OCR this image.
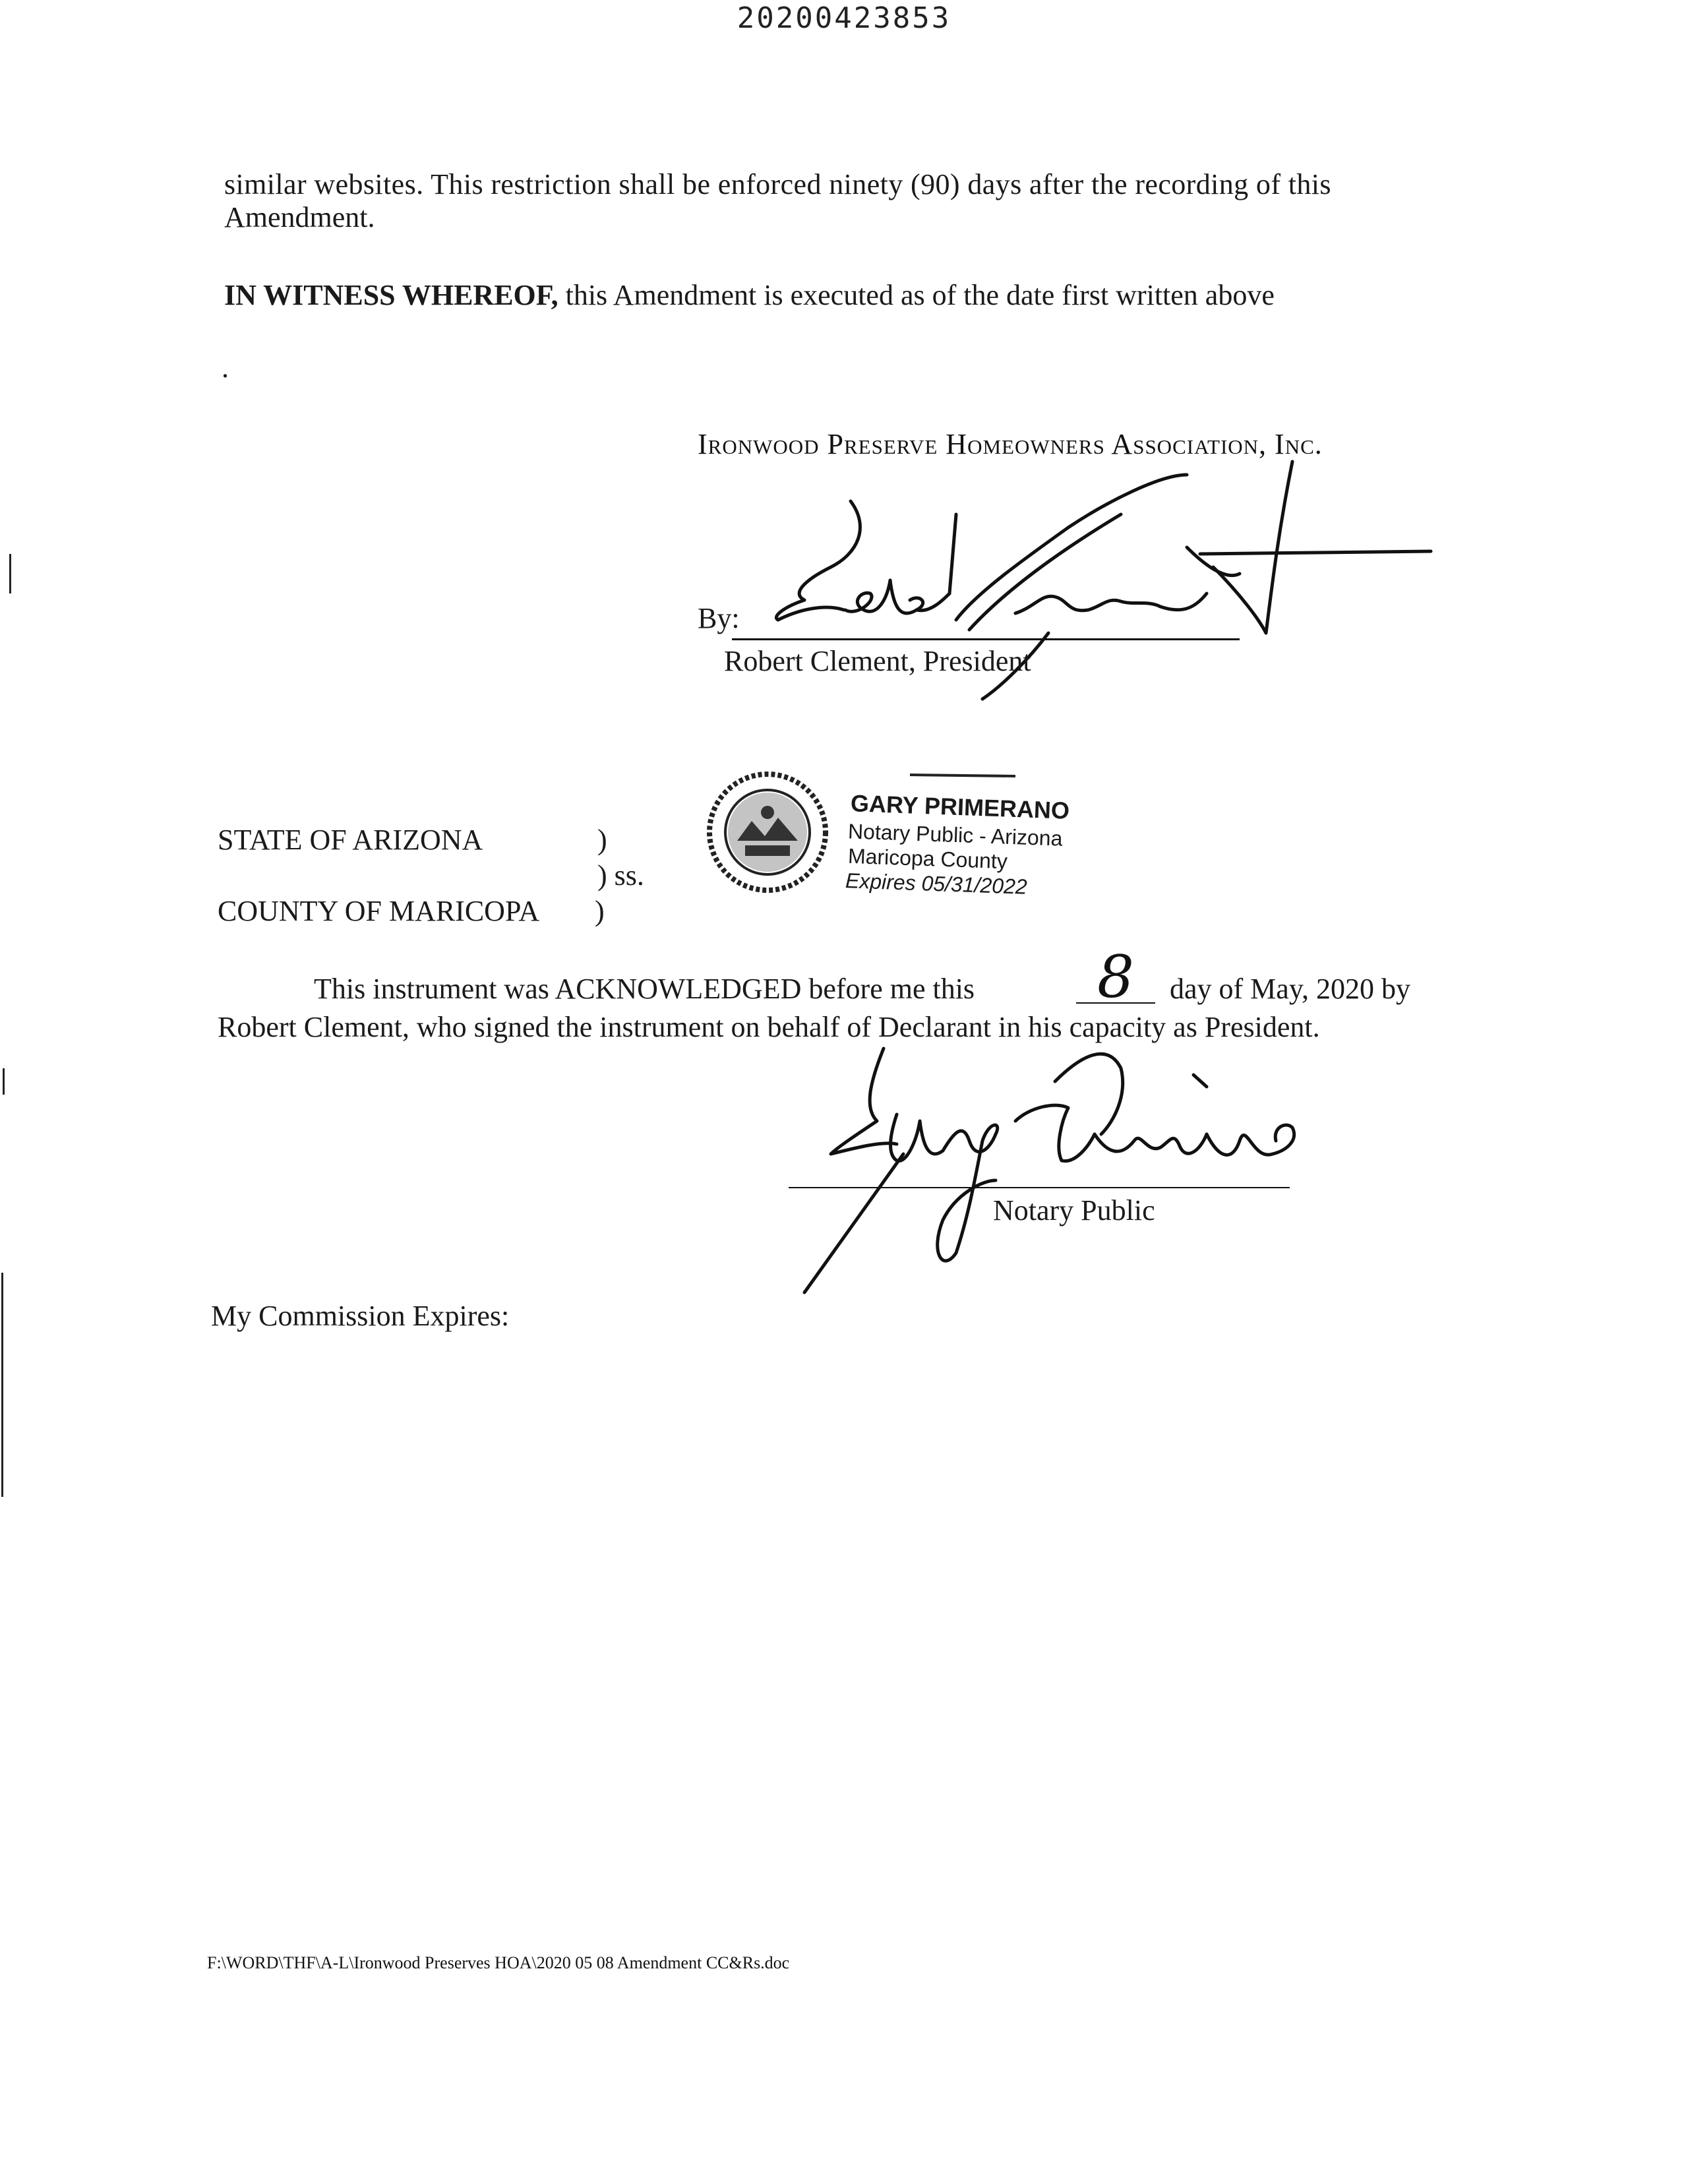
20200423853
similar websites. This restriction shall be enforced ninety (90) days after the recording of this
Amendment.
IN WITNESS WHEREOF, this Amendment is executed as of the date first written above
.
Ironwood Preserve Homeowners Association, Inc.
By:
Robert Clement, President
GARY PRIMERANO
Notary Public - Arizona
Maricopa County
Expires 05/31/2022
STATE OF ARIZONA	)
) ss.
COUNTY OF MARICOPA )
This instrument was ACKNOWLEDGED before me this 8 day of May, 2020 by
Robert Clement, who signed the instrument on behalf of Declarant in his capacity as President.
Notary Public
My Commission Expires:
F:\WORD\THF\A-L\Ironwood Preserves HOA\2020 05 08 Amendment CC&Rs.doc
